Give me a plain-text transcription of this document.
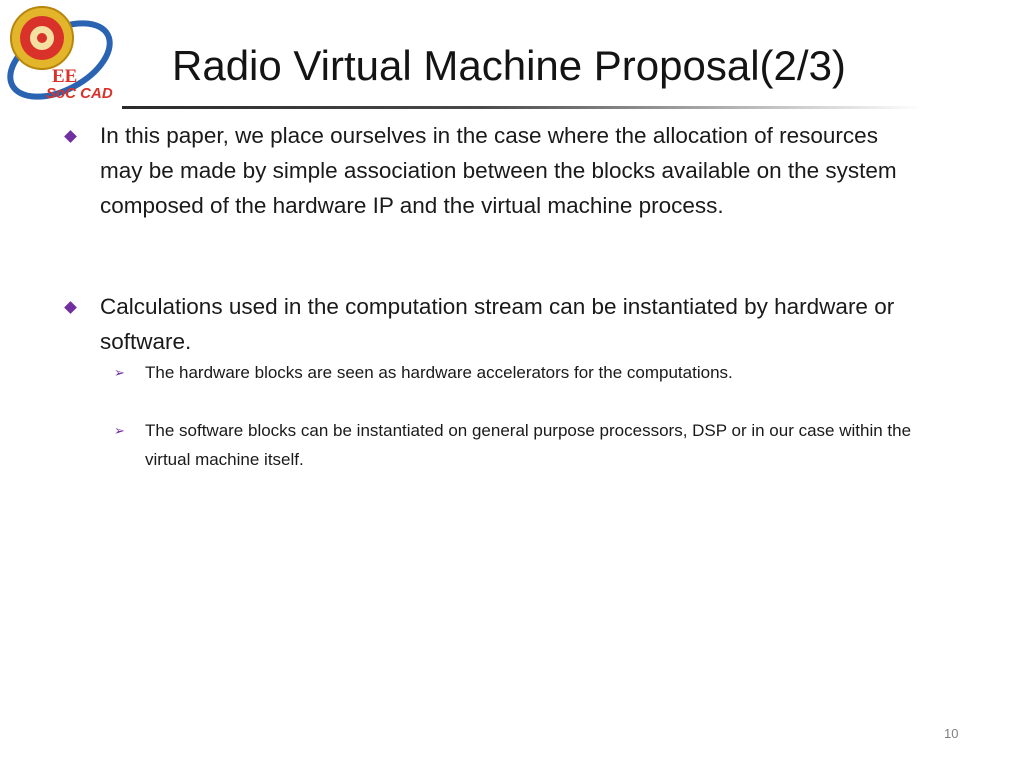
EE
SoC CAD
Radio Virtual Machine Proposal(2/3)
In this paper, we place ourselves in the case where the allocation of resources may be made by simple association between the blocks available on the system composed of the hardware IP and the virtual machine process.
Calculations used in the computation stream can be instantiated by hardware or software.
➢ The hardware blocks are seen as hardware accelerators for the computations.
➢ The software blocks can be instantiated on general purpose processors, DSP or in our case within the virtual machine itself.
10
